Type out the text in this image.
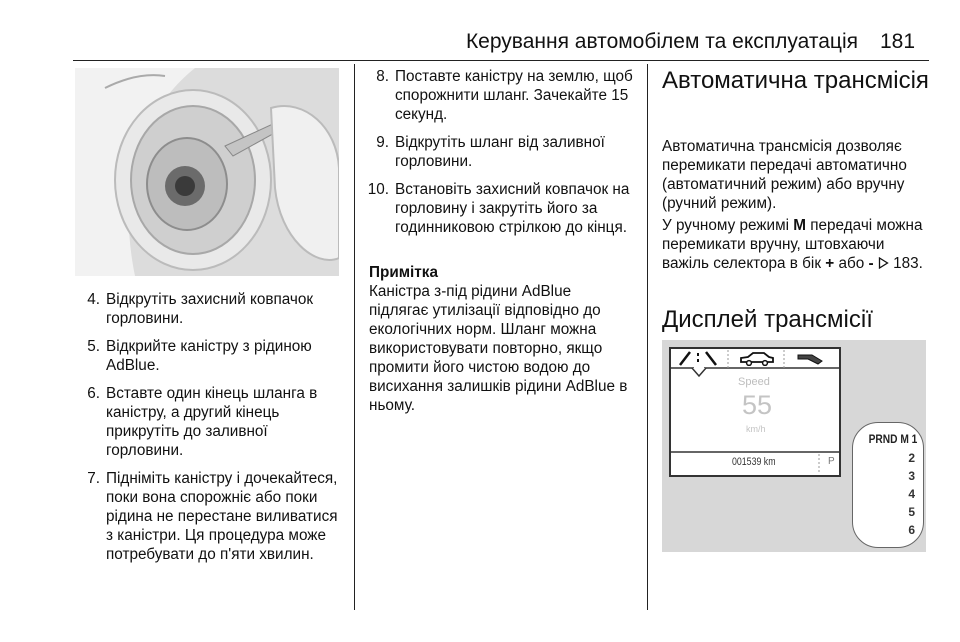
Керування автомобілем та експлуатація 181
4. Відкрутіть захисний ковпачок горловини.
5. Відкрийте каністру з рідиною AdBlue.
6. Вставте один кінець шланга в каністру, а другий кінець прикрутіть до заливної горловини.
7. Підніміть каністру і дочекайтеся, поки вона спорожніє або поки рідина не перестане виливатися з каністри. Ця процедура може потребувати до п'яти хвилин.
8. Поставте каністру на землю, щоб спорожнити шланг. Зачекайте 15 секунд.
9. Відкрутіть шланг від заливної горловини.
10. Встановіть захисний ковпачок на горловину і закрутіть його за годинниковою стрілкою до кінця.
Примітка
Каністра з-під рідини AdBlue підлягає утилізації відповідно до екологічних норм. Шланг можна використовувати повторно, якщо промити його чистою водою до висихання залишків рідини AdBlue в ньому.
Автоматична трансмісія
Автоматична трансмісія дозволяє перемикати передачі автоматично (автоматичний режим) або вручну (ручний режим).
У ручному режимі M передачі можна перемикати вручну, штовхаючи важіль селектора в бік + або - 183.
Дисплей трансмісії
Speed
55
km/h
001539 km	P
PRND M 1
2
3
4
5
6
